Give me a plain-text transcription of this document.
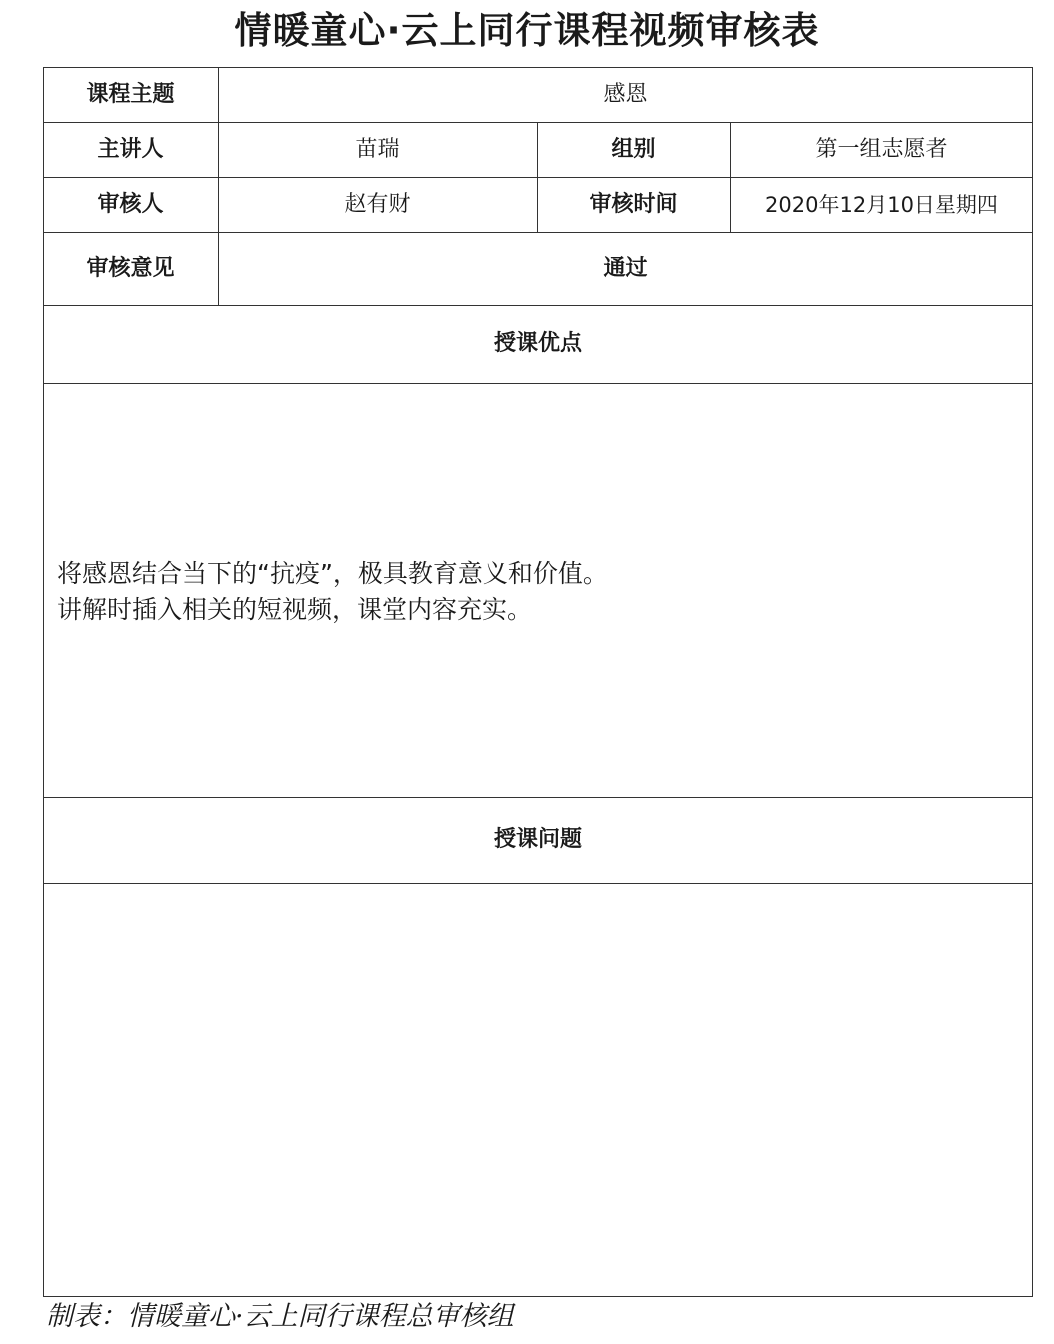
情暖童心·云上同行课程视频审核表
课程主题	感恩
主讲人	苗瑞	组别	第一组志愿者
审核人	赵有财	审核时间	2020年12月10日星期四
审核意见	通过
授课优点
将感恩结合当下的“抗疫”，极具教育意义和价值。
讲解时插入相关的短视频，课堂内容充实。
授课问题
制表：情暖童心·云上同行课程总审核组
